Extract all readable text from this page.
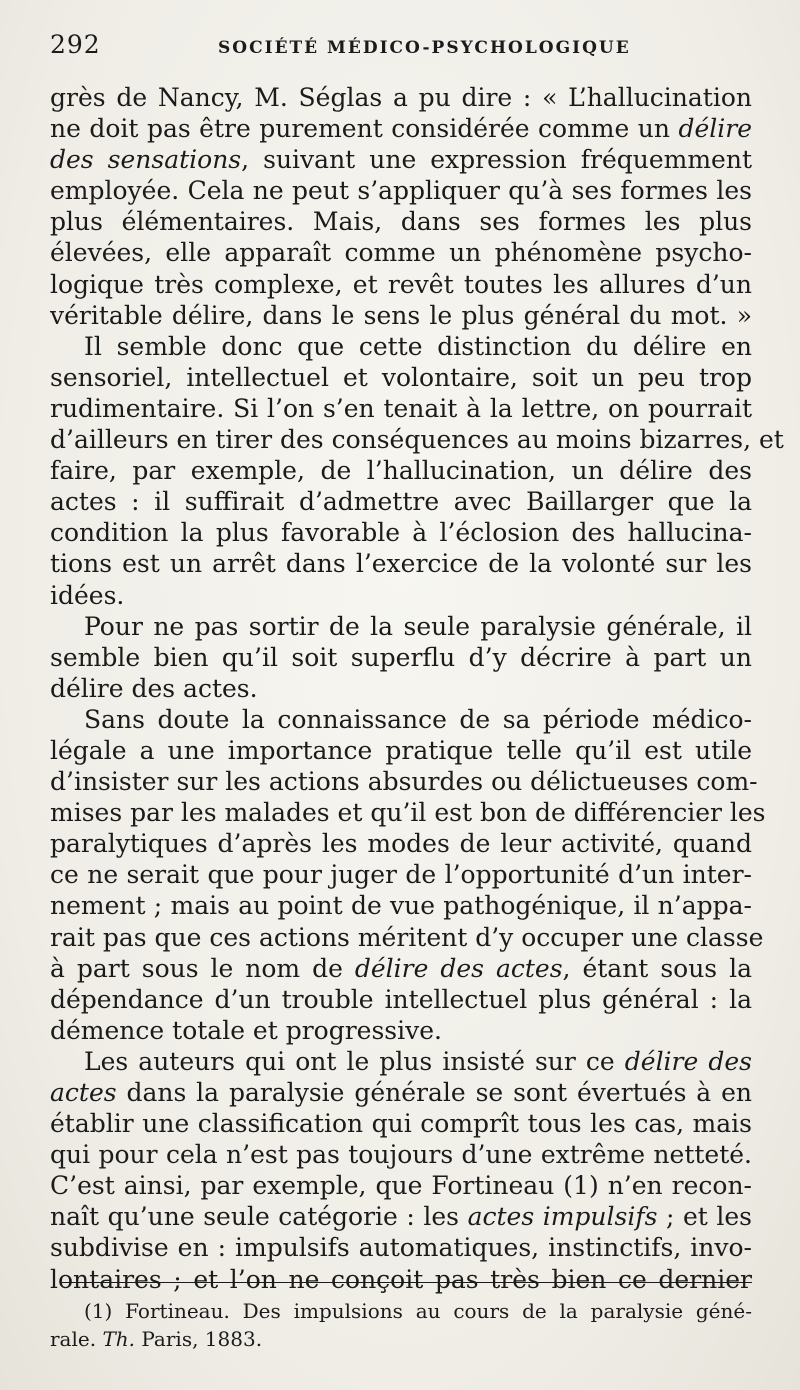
292	SOCIÉTÉ MÉDICO-PSYCHOLOGIQUE
grès de Nancy, M. Séglas a pu dire : « L’hallucination
ne doit pas être purement considérée comme un délire
des sensations, suivant une expression fréquemment
employée. Cela ne peut s’appliquer qu’à ses formes les
plus élémentaires. Mais, dans ses formes les plus
élevées, elle apparaît comme un phénomène psycho-
logique très complexe, et revêt toutes les allures d’un
véritable délire, dans le sens le plus général du mot. »
Il semble donc que cette distinction du délire en
sensoriel, intellectuel et volontaire, soit un peu trop
rudimentaire. Si l’on s’en tenait à la lettre, on pourrait
d’ailleurs en tirer des conséquences au moins bizarres, et
faire, par exemple, de l’hallucination, un délire des
actes : il suffirait d’admettre avec Baillarger que la
condition la plus favorable à l’éclosion des hallucina-
tions est un arrêt dans l’exercice de la volonté sur les
idées.
Pour ne pas sortir de la seule paralysie générale, il
semble bien qu’il soit superflu d’y décrire à part un
délire des actes.
Sans doute la connaissance de sa période médico-
légale a une importance pratique telle qu’il est utile
d’insister sur les actions absurdes ou délictueuses com-
mises par les malades et qu’il est bon de différencier les
paralytiques d’après les modes de leur activité, quand
ce ne serait que pour juger de l’opportunité d’un inter-
nement ; mais au point de vue pathogénique, il n’appa-
rait pas que ces actions méritent d’y occuper une classe
à part sous le nom de délire des actes, étant sous la
dépendance d’un trouble intellectuel plus général : la
démence totale et progressive.
Les auteurs qui ont le plus insisté sur ce délire des
actes dans la paralysie générale se sont évertués à en
établir une classification qui comprît tous les cas, mais
qui pour cela n’est pas toujours d’une extrême netteté.
C’est ainsi, par exemple, que Fortineau (1) n’en recon-
naît qu’une seule catégorie : les actes impulsifs ; et les
subdivise en : impulsifs automatiques, instinctifs, invo-
lontaires ; et l’on ne conçoit pas très bien ce dernier
(1) Fortineau. Des impulsions au cours de la paralysie géné-
rale. Th. Paris, 1883.
